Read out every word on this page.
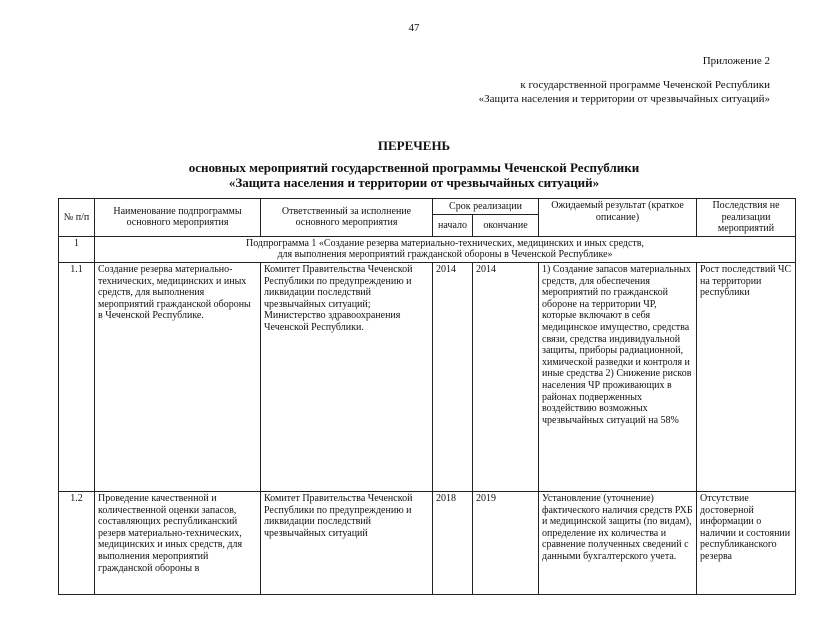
47
Приложение 2
к государственной программе Чеченской Республики
«Защита населения и территории от чрезвычайных ситуаций»
ПЕРЕЧЕНЬ
основных мероприятий государственной программы Чеченской Республики
«Защита населения и территории от чрезвычайных ситуаций»
№ п/п	Наименование подпрограммы основного мероприятия	Ответственный за исполнение основного мероприятия	Срок реализации		Ожидаемый результат (краткое описание)	Последствия не реализации мероприятий
			начало	окончание		
1	Подпрограмма 1 «Создание резерва материально-технических, медицинских и иных средств,
для выполнения мероприятий гражданской обороны в Чеченской Республике»					

1.1	Создание резерва материально-технических, медицинских и иных средств, для выполнения мероприятий гражданской обороны в Чеченской Республике.	Комитет Правительства Чеченской Республики по предупреждению и ликвидации последствий чрезвычайных ситуаций; Министерство здравоохранения Чеченской Республики.	2014	2014	1) Создание запасов материальных средств, для обеспечения мероприятий по гражданской обороне на территории ЧР, которые включают в себя медицинское имущество, средства связи, средства индивидуальной защиты, приборы радиационной, химической разведки и контроля и иные средства 2) Снижение рисков населения ЧР проживающих в районах подверженных воздействию возможных чрезвычайных ситуаций на 58%	Рост последствий ЧС на территории республики
1.2	Проведение качественной и количественной оценки запасов, составляющих республиканский резерв материально-технических, медицинских и иных средств, для выполнения мероприятий гражданской обороны в	Комитет Правительства Чеченской Республики по предупреждению и ликвидации последствий чрезвычайных ситуаций	2018	2019	Установление (уточнение) фактического наличия средств РХБ и медицинской защиты (по видам), определение их количества и сравнение полученных сведений с данными бухгалтерского учета.	Отсутствие достоверной информации о наличии и состоянии республиканского резерва
